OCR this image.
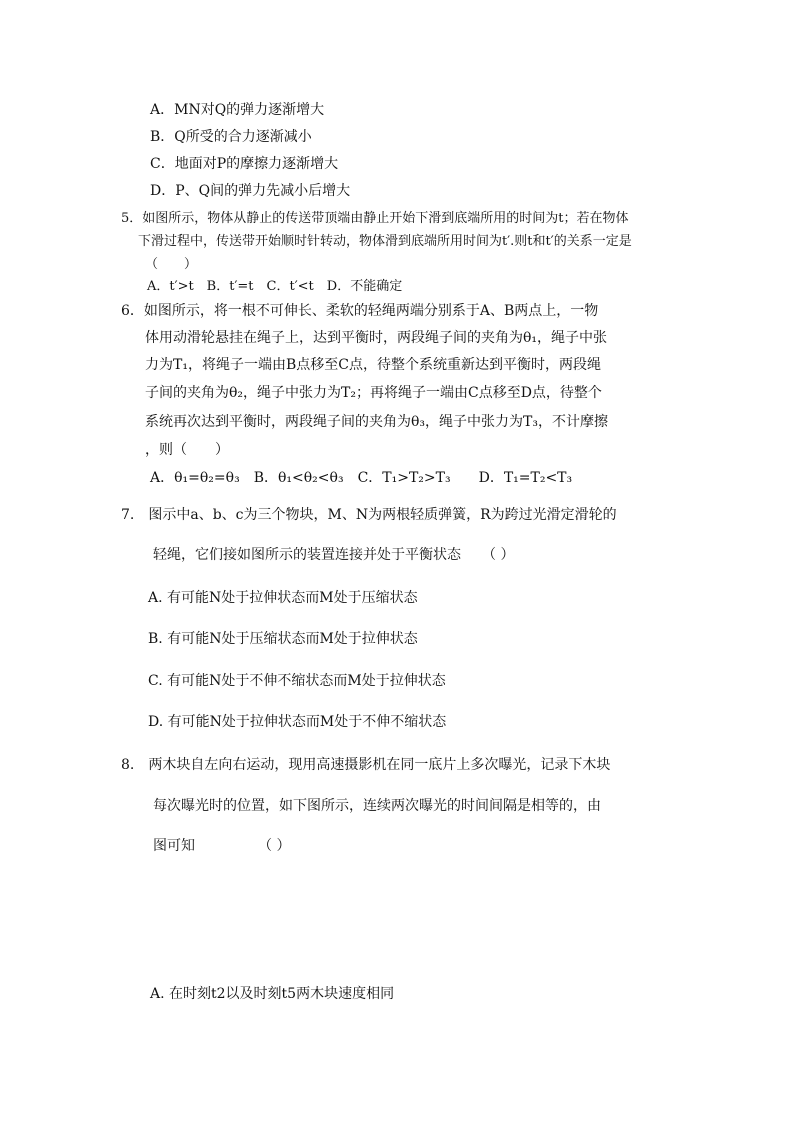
A．MN对Q的弹力逐渐增大
B．Q所受的合力逐渐减小
C．地面对P的摩擦力逐渐增大
D．P、Q间的弹力先减小后增大
5．如图所示，物体从静止的传送带顶端由静止开始下滑到底端所用的时间为t；若在物体
下滑过程中，传送带开始顺时针转动，物体滑到底端所用时间为t′.则t和t′的关系一定是
（　　）
A．t′>t　B．t′=t　C．t′<t　D．不能确定
6．如图所示，将一根不可伸长、柔软的轻绳两端分别系于A、B两点上，一物
体用动滑轮悬挂在绳子上，达到平衡时，两段绳子间的夹角为θ₁，绳子中张
力为T₁，将绳子一端由B点移至C点，待整个系统重新达到平衡时，两段绳
子间的夹角为θ₂，绳子中张力为T₂；再将绳子一端由C点移至D点，待整个
系统再次达到平衡时，两段绳子间的夹角为θ₃，绳子中张力为T₃，不计摩擦
，则（　　）
A．θ₁=θ₂=θ₃　B．θ₁<θ₂<θ₃　C．T₁>T₂>T₃　　D．T₁=T₂<T₃
7.　图示中a、b、c为三个物块，M、N为两根轻质弹簧，R为跨过光滑定滑轮的
轻绳，它们接如图所示的装置连接并处于平衡状态　　（ ）
A. 有可能N处于拉伸状态而M处于压缩状态
B. 有可能N处于压缩状态而M处于拉伸状态
C. 有可能N处于不伸不缩状态而M处于拉伸状态
D. 有可能N处于拉伸状态而M处于不伸不缩状态
8.　两木块自左向右运动，现用高速摄影机在同一底片上多次曝光，记录下木块
每次曝光时的位置，如下图所示，连续两次曝光的时间间隔是相等的，由
图可知　　　　　（ ）
A. 在时刻t2以及时刻t5两木块速度相同
